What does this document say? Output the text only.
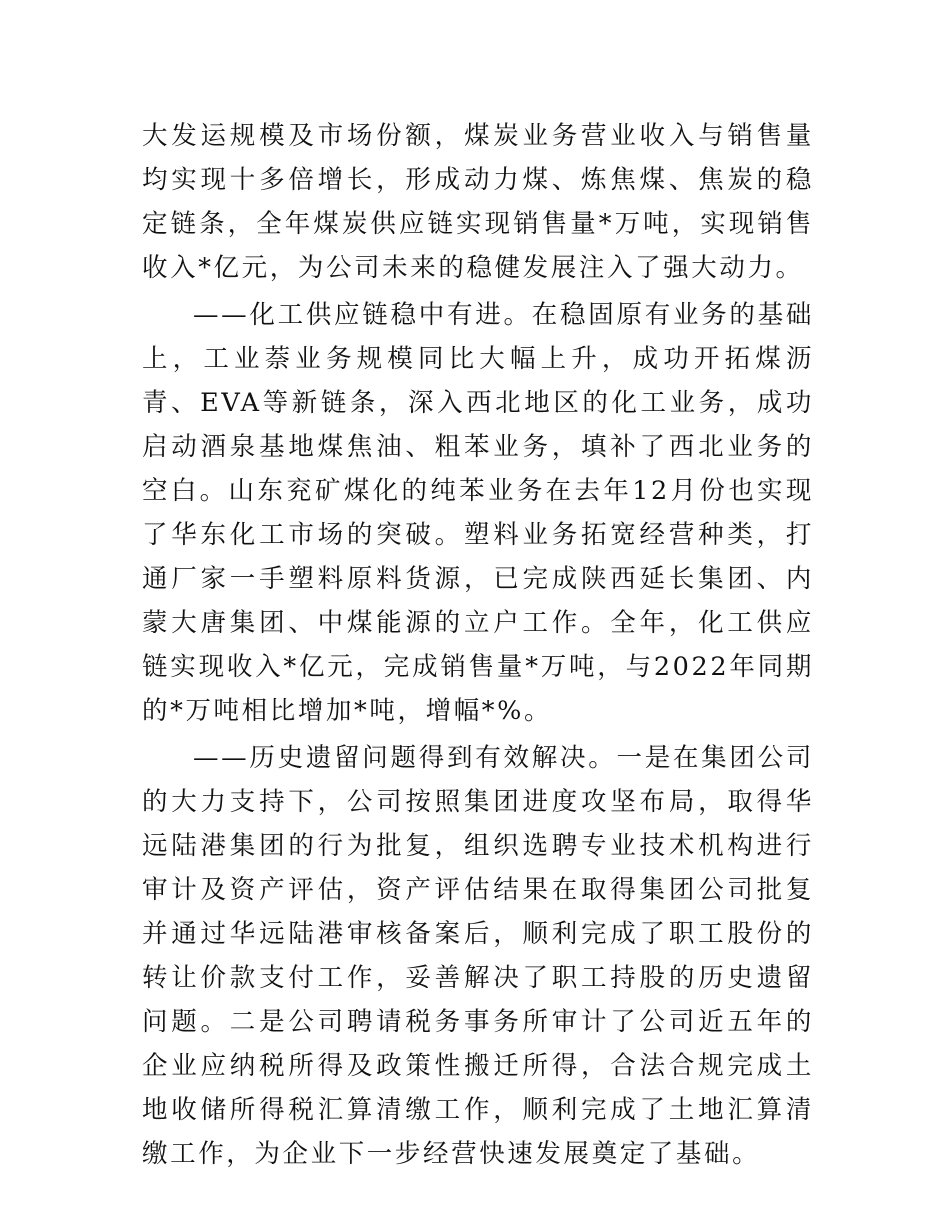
大发运规模及市场份额，煤炭业务营业收入与销售量均实现十多倍增长，形成动力煤、炼焦煤、焦炭的稳定链条，全年煤炭供应链实现销售量*万吨，实现销售收入*亿元，为公司未来的稳健发展注入了强大动力。

——化工供应链稳中有进。在稳固原有业务的基础上，工业萘业务规模同比大幅上升，成功开拓煤沥青、EVA等新链条，深入西北地区的化工业务，成功启动酒泉基地煤焦油、粗苯业务，填补了西北业务的空白。山东兖矿煤化的纯苯业务在去年12月份也实现了华东化工市场的突破。塑料业务拓宽经营种类，打通厂家一手塑料原料货源，已完成陕西延长集团、内蒙大唐集团、中煤能源的立户工作。全年，化工供应链实现收入*亿元，完成销售量*万吨，与2022年同期的*万吨相比增加*吨，增幅*%。

——历史遗留问题得到有效解决。一是在集团公司的大力支持下，公司按照集团进度攻坚布局，取得华远陆港集团的行为批复，组织选聘专业技术机构进行审计及资产评估，资产评估结果在取得集团公司批复并通过华远陆港审核备案后，顺利完成了职工股份的转让价款支付工作，妥善解决了职工持股的历史遗留问题。二是公司聘请税务事务所审计了公司近五年的企业应纳税所得及政策性搬迁所得，合法合规完成土地收储所得税汇算清缴工作，顺利完成了土地汇算清缴工作，为企业下一步经营快速发展奠定了基础。
